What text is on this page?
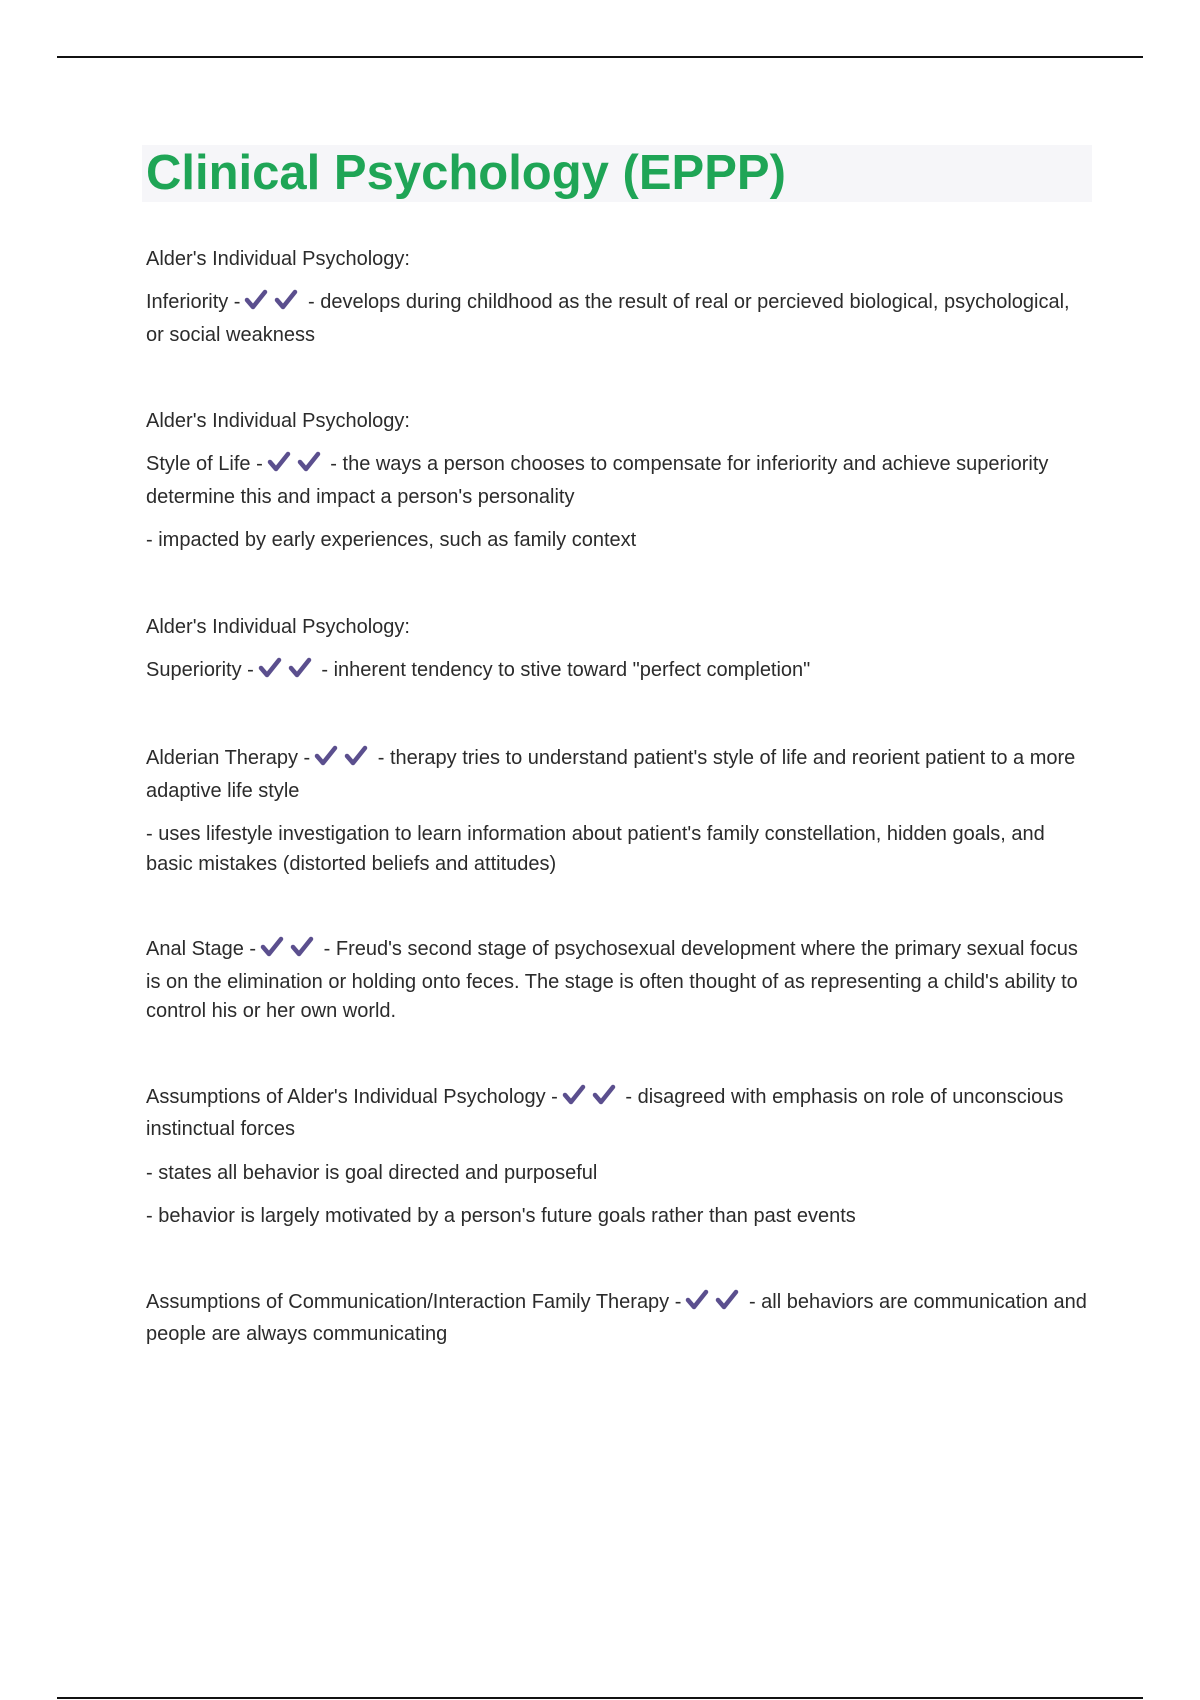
Clinical Psychology (EPPP)
Alder's Individual Psychology:

Inferiority -	- develops during childhood as the result of real or percieved biological, psychological, or social weakness

Alder's Individual Psychology:

Style of Life -	- the ways a person chooses to compensate for inferiority and achieve superiority determine this and impact a person's personality

- impacted by early experiences, such as family context

Alder's Individual Psychology:

Superiority -	- inherent tendency to stive toward "perfect completion"

Alderian Therapy -	- therapy tries to understand patient's style of life and reorient patient to a more adaptive life style

- uses lifestyle investigation to learn information about patient's family constellation, hidden goals, and basic mistakes (distorted beliefs and attitudes)

Anal Stage -	- Freud's second stage of psychosexual development where the primary sexual focus is on the elimination or holding onto feces. The stage is often thought of as representing a child's ability to control his or her own world.

Assumptions of Alder's Individual Psychology -	- disagreed with emphasis on role of unconscious instinctual forces

- states all behavior is goal directed and purposeful

- behavior is largely motivated by a person's future goals rather than past events

Assumptions of Communication/Interaction Family Therapy -	- all behaviors are communication and people are always communicating
